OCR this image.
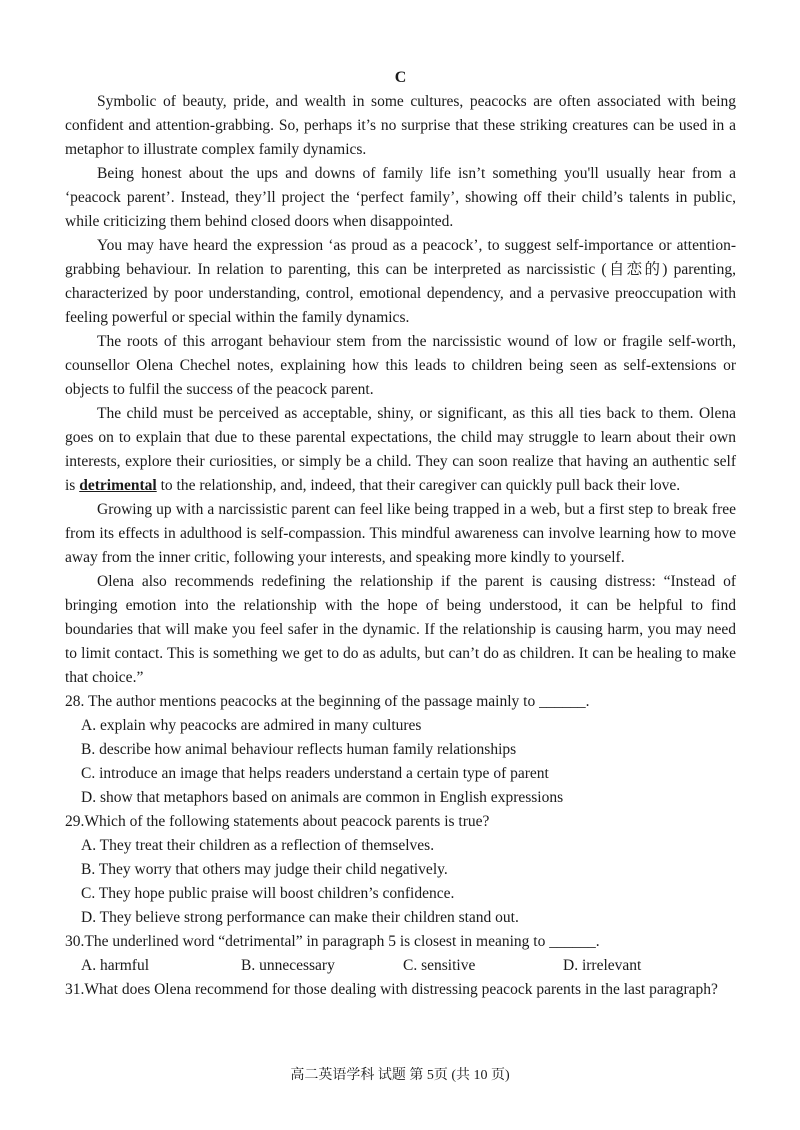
C

Symbolic of beauty, pride, and wealth in some cultures, peacocks are often associated with being confident and attention-grabbing. So, perhaps it’s no surprise that these striking creatures can be used in a metaphor to illustrate complex family dynamics.

Being honest about the ups and downs of family life isn’t something you'll usually hear from a ‘peacock parent’. Instead, they’ll project the ‘perfect family’, showing off their child’s talents in public, while criticizing them behind closed doors when disappointed.

You may have heard the expression ‘as proud as a peacock’, to suggest self-importance or attention-grabbing behaviour. In relation to parenting, this can be interpreted as narcissistic (自恋的) parenting, characterized by poor understanding, control, emotional dependency, and a pervasive preoccupation with feeling powerful or special within the family dynamics.

The roots of this arrogant behaviour stem from the narcissistic wound of low or fragile self-worth, counsellor Olena Chechel notes, explaining how this leads to children being seen as self-extensions or objects to fulfil the success of the peacock parent.

The child must be perceived as acceptable, shiny, or significant, as this all ties back to them. Olena goes on to explain that due to these parental expectations, the child may struggle to learn about their own interests, explore their curiosities, or simply be a child. They can soon realize that having an authentic self is detrimental to the relationship, and, indeed, that their caregiver can quickly pull back their love.

Growing up with a narcissistic parent can feel like being trapped in a web, but a first step to break free from its effects in adulthood is self-compassion. This mindful awareness can involve learning how to move away from the inner critic, following your interests, and speaking more kindly to yourself.

Olena also recommends redefining the relationship if the parent is causing distress: “Instead of bringing emotion into the relationship with the hope of being understood, it can be helpful to find boundaries that will make you feel safer in the dynamic. If the relationship is causing harm, you may need to limit contact. This is something we get to do as adults, but can’t do as children. It can be healing to make that choice.”

28. The author mentions peacocks at the beginning of the passage mainly to ______.

A. explain why peacocks are admired in many cultures

B. describe how animal behaviour reflects human family relationships

C. introduce an image that helps readers understand a certain type of parent

D. show that metaphors based on animals are common in English expressions

29.Which of the following statements about peacock parents is true?

A. They treat their children as a reflection of themselves.

B. They worry that others may judge their child negatively.

C. They hope public praise will boost children’s confidence.

D. They believe strong performance can make their children stand out.

30.The underlined word “detrimental” in paragraph 5 is closest in meaning to ______.

A. harmful	B. unnecessary	C. sensitive	D. irrelevant

31.What does Olena recommend for those dealing with distressing peacock parents in the last paragraph?

高二英语学科 试题 第 5页 (共 10 页)
